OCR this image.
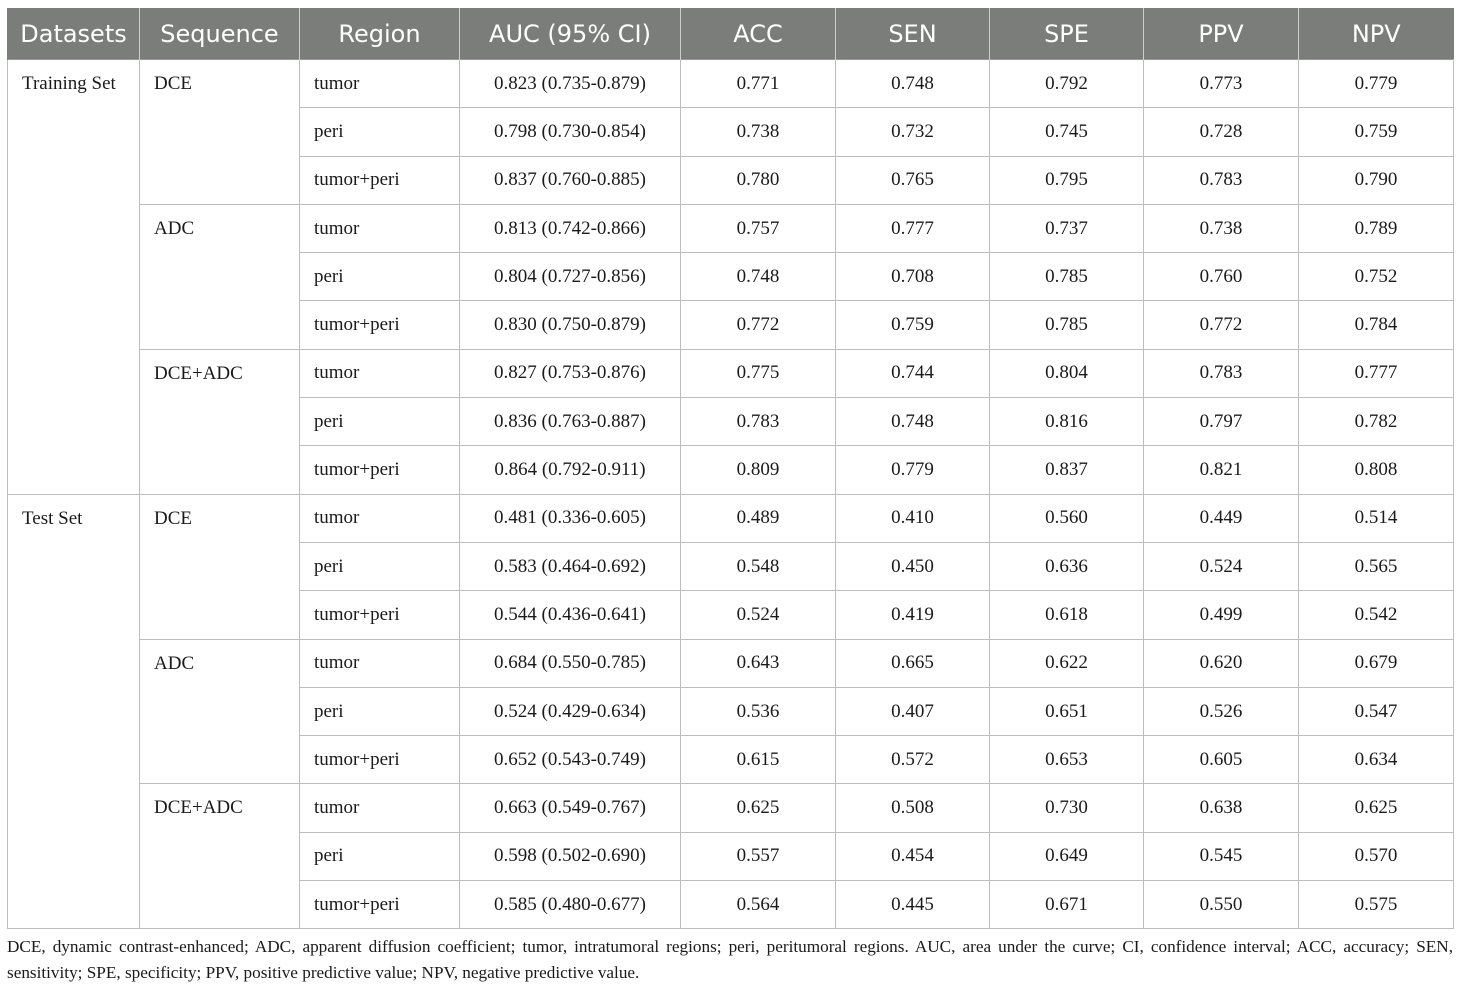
Datasets	Sequence	Region	AUC (95% CI)	ACC	SEN	SPE	PPV	NPV
Training Set	DCE	tumor	0.823 (0.735-0.879)	0.771	0.748	0.792	0.773	0.779
		peri	0.798 (0.730-0.854)	0.738	0.732	0.745	0.728	0.759
		tumor+peri	0.837 (0.760-0.885)	0.780	0.765	0.795	0.783	0.790
	ADC	tumor	0.813 (0.742-0.866)	0.757	0.777	0.737	0.738	0.789
		peri	0.804 (0.727-0.856)	0.748	0.708	0.785	0.760	0.752
		tumor+peri	0.830 (0.750-0.879)	0.772	0.759	0.785	0.772	0.784
	DCE+ADC	tumor	0.827 (0.753-0.876)	0.775	0.744	0.804	0.783	0.777
		peri	0.836 (0.763-0.887)	0.783	0.748	0.816	0.797	0.782
		tumor+peri	0.864 (0.792-0.911)	0.809	0.779	0.837	0.821	0.808
Test Set	DCE	tumor	0.481 (0.336-0.605)	0.489	0.410	0.560	0.449	0.514
		peri	0.583 (0.464-0.692)	0.548	0.450	0.636	0.524	0.565
		tumor+peri	0.544 (0.436-0.641)	0.524	0.419	0.618	0.499	0.542
	ADC	tumor	0.684 (0.550-0.785)	0.643	0.665	0.622	0.620	0.679
		peri	0.524 (0.429-0.634)	0.536	0.407	0.651	0.526	0.547
		tumor+peri	0.652 (0.543-0.749)	0.615	0.572	0.653	0.605	0.634
	DCE+ADC	tumor	0.663 (0.549-0.767)	0.625	0.508	0.730	0.638	0.625
		peri	0.598 (0.502-0.690)	0.557	0.454	0.649	0.545	0.570
		tumor+peri	0.585 (0.480-0.677)	0.564	0.445	0.671	0.550	0.575

DCE, dynamic contrast-enhanced; ADC, apparent diffusion coefficient; tumor, intratumoral regions; peri, peritumoral regions. AUC, area under the curve; CI, confidence interval; ACC, accuracy; SEN, sensitivity; SPE, specificity; PPV, positive predictive value; NPV, negative predictive value.
